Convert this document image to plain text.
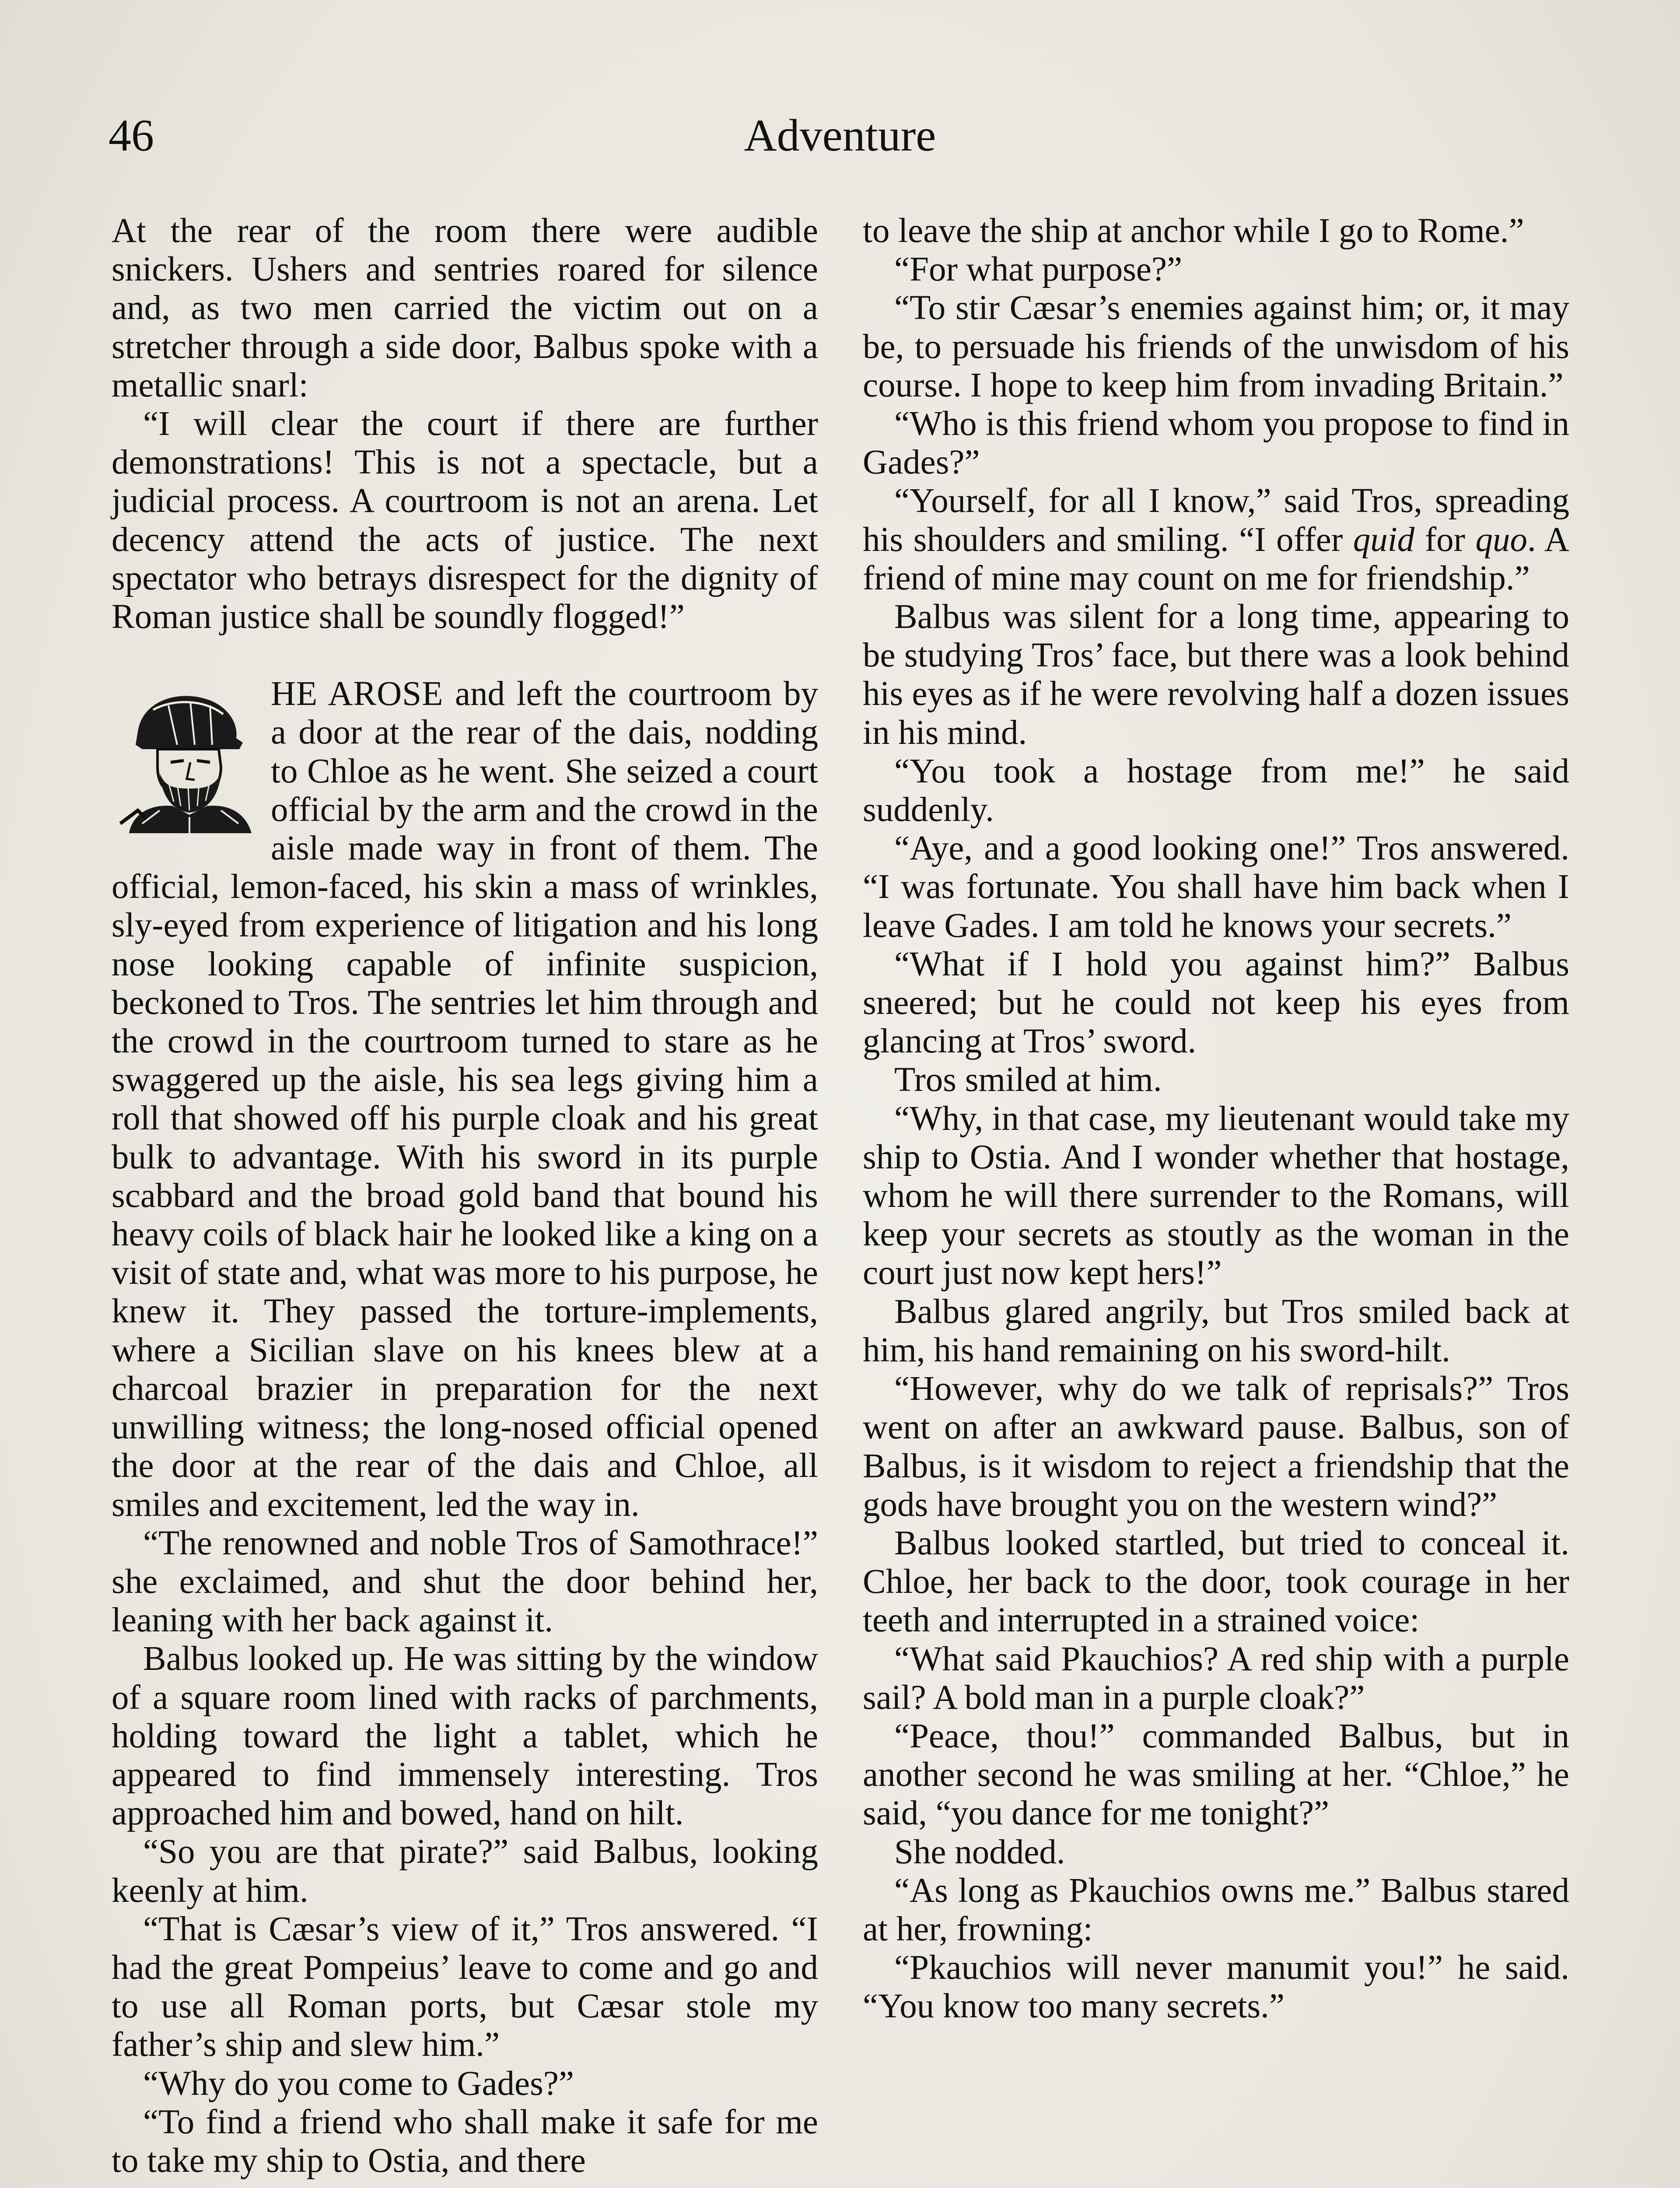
46	Adventure

At the rear of the room there were audible snickers. Ushers and sentries roared for silence and, as two men carried the victim out on a stretcher through a side door, Balbus spoke with a metallic snarl:

“I will clear the court if there are further demonstrations! This is not a spectacle, but a judicial process. A courtroom is not an arena. Let decency attend the acts of justice. The next spectator who betrays disrespect for the dignity of Roman justice shall be soundly flogged!”

HE AROSE and left the courtroom by a door at the rear of the dais, nodding to Chloe as he went. She seized a court official by the arm and the crowd in the aisle made way in front of them. The official, lemon-faced, his skin a mass of wrinkles, sly-eyed from experience of litigation and his long nose looking capable of infinite suspicion, beckoned to Tros. The sentries let him through and the crowd in the courtroom turned to stare as he swaggered up the aisle, his sea legs giving him a roll that showed off his purple cloak and his great bulk to advantage. With his sword in its purple scabbard and the broad gold band that bound his heavy coils of black hair he looked like a king on a visit of state and, what was more to his purpose, he knew it. They passed the torture-implements, where a Sicilian slave on his knees blew at a charcoal brazier in preparation for the next unwilling witness; the long-nosed official opened the door at the rear of the dais and Chloe, all smiles and excitement, led the way in.

“The renowned and noble Tros of Samothrace!” she exclaimed, and shut the door behind her, leaning with her back against it.

Balbus looked up. He was sitting by the window of a square room lined with racks of parchments, holding toward the light a tablet, which he appeared to find immensely interesting. Tros approached him and bowed, hand on hilt.

“So you are that pirate?” said Balbus, looking keenly at him.

“That is Cæsar’s view of it,” Tros answered. “I had the great Pompeius’ leave to come and go and to use all Roman ports, but Cæsar stole my father’s ship and slew him.”

“Why do you come to Gades?”

“To find a friend who shall make it safe for me to take my ship to Ostia, and there

to leave the ship at anchor while I go to Rome.”

“For what purpose?”

“To stir Cæsar’s enemies against him; or, it may be, to persuade his friends of the unwisdom of his course. I hope to keep him from invading Britain.”

“Who is this friend whom you propose to find in Gades?”

“Yourself, for all I know,” said Tros, spreading his shoulders and smiling. “I offer quid for quo. A friend of mine may count on me for friendship.”

Balbus was silent for a long time, appearing to be studying Tros’ face, but there was a look behind his eyes as if he were revolving half a dozen issues in his mind.

“You took a hostage from me!” he said suddenly.

“Aye, and a good looking one!” Tros answered. “I was fortunate. You shall have him back when I leave Gades. I am told he knows your secrets.”

“What if I hold you against him?” Balbus sneered; but he could not keep his eyes from glancing at Tros’ sword.

Tros smiled at him.

“Why, in that case, my lieutenant would take my ship to Ostia. And I wonder whether that hostage, whom he will there surrender to the Romans, will keep your secrets as stoutly as the woman in the court just now kept hers!”

Balbus glared angrily, but Tros smiled back at him, his hand remaining on his sword-hilt.

“However, why do we talk of reprisals?” Tros went on after an awkward pause. Balbus, son of Balbus, is it wisdom to reject a friendship that the gods have brought you on the western wind?”

Balbus looked startled, but tried to conceal it. Chloe, her back to the door, took courage in her teeth and interrupted in a strained voice:

“What said Pkauchios? A red ship with a purple sail? A bold man in a purple cloak?”

“Peace, thou!” commanded Balbus, but in another second he was smiling at her. “Chloe,” he said, “you dance for me tonight?”

She nodded.

“As long as Pkauchios owns me.” Balbus stared at her, frowning:

“Pkauchios will never manumit you!” he said. “You know too many secrets.”
